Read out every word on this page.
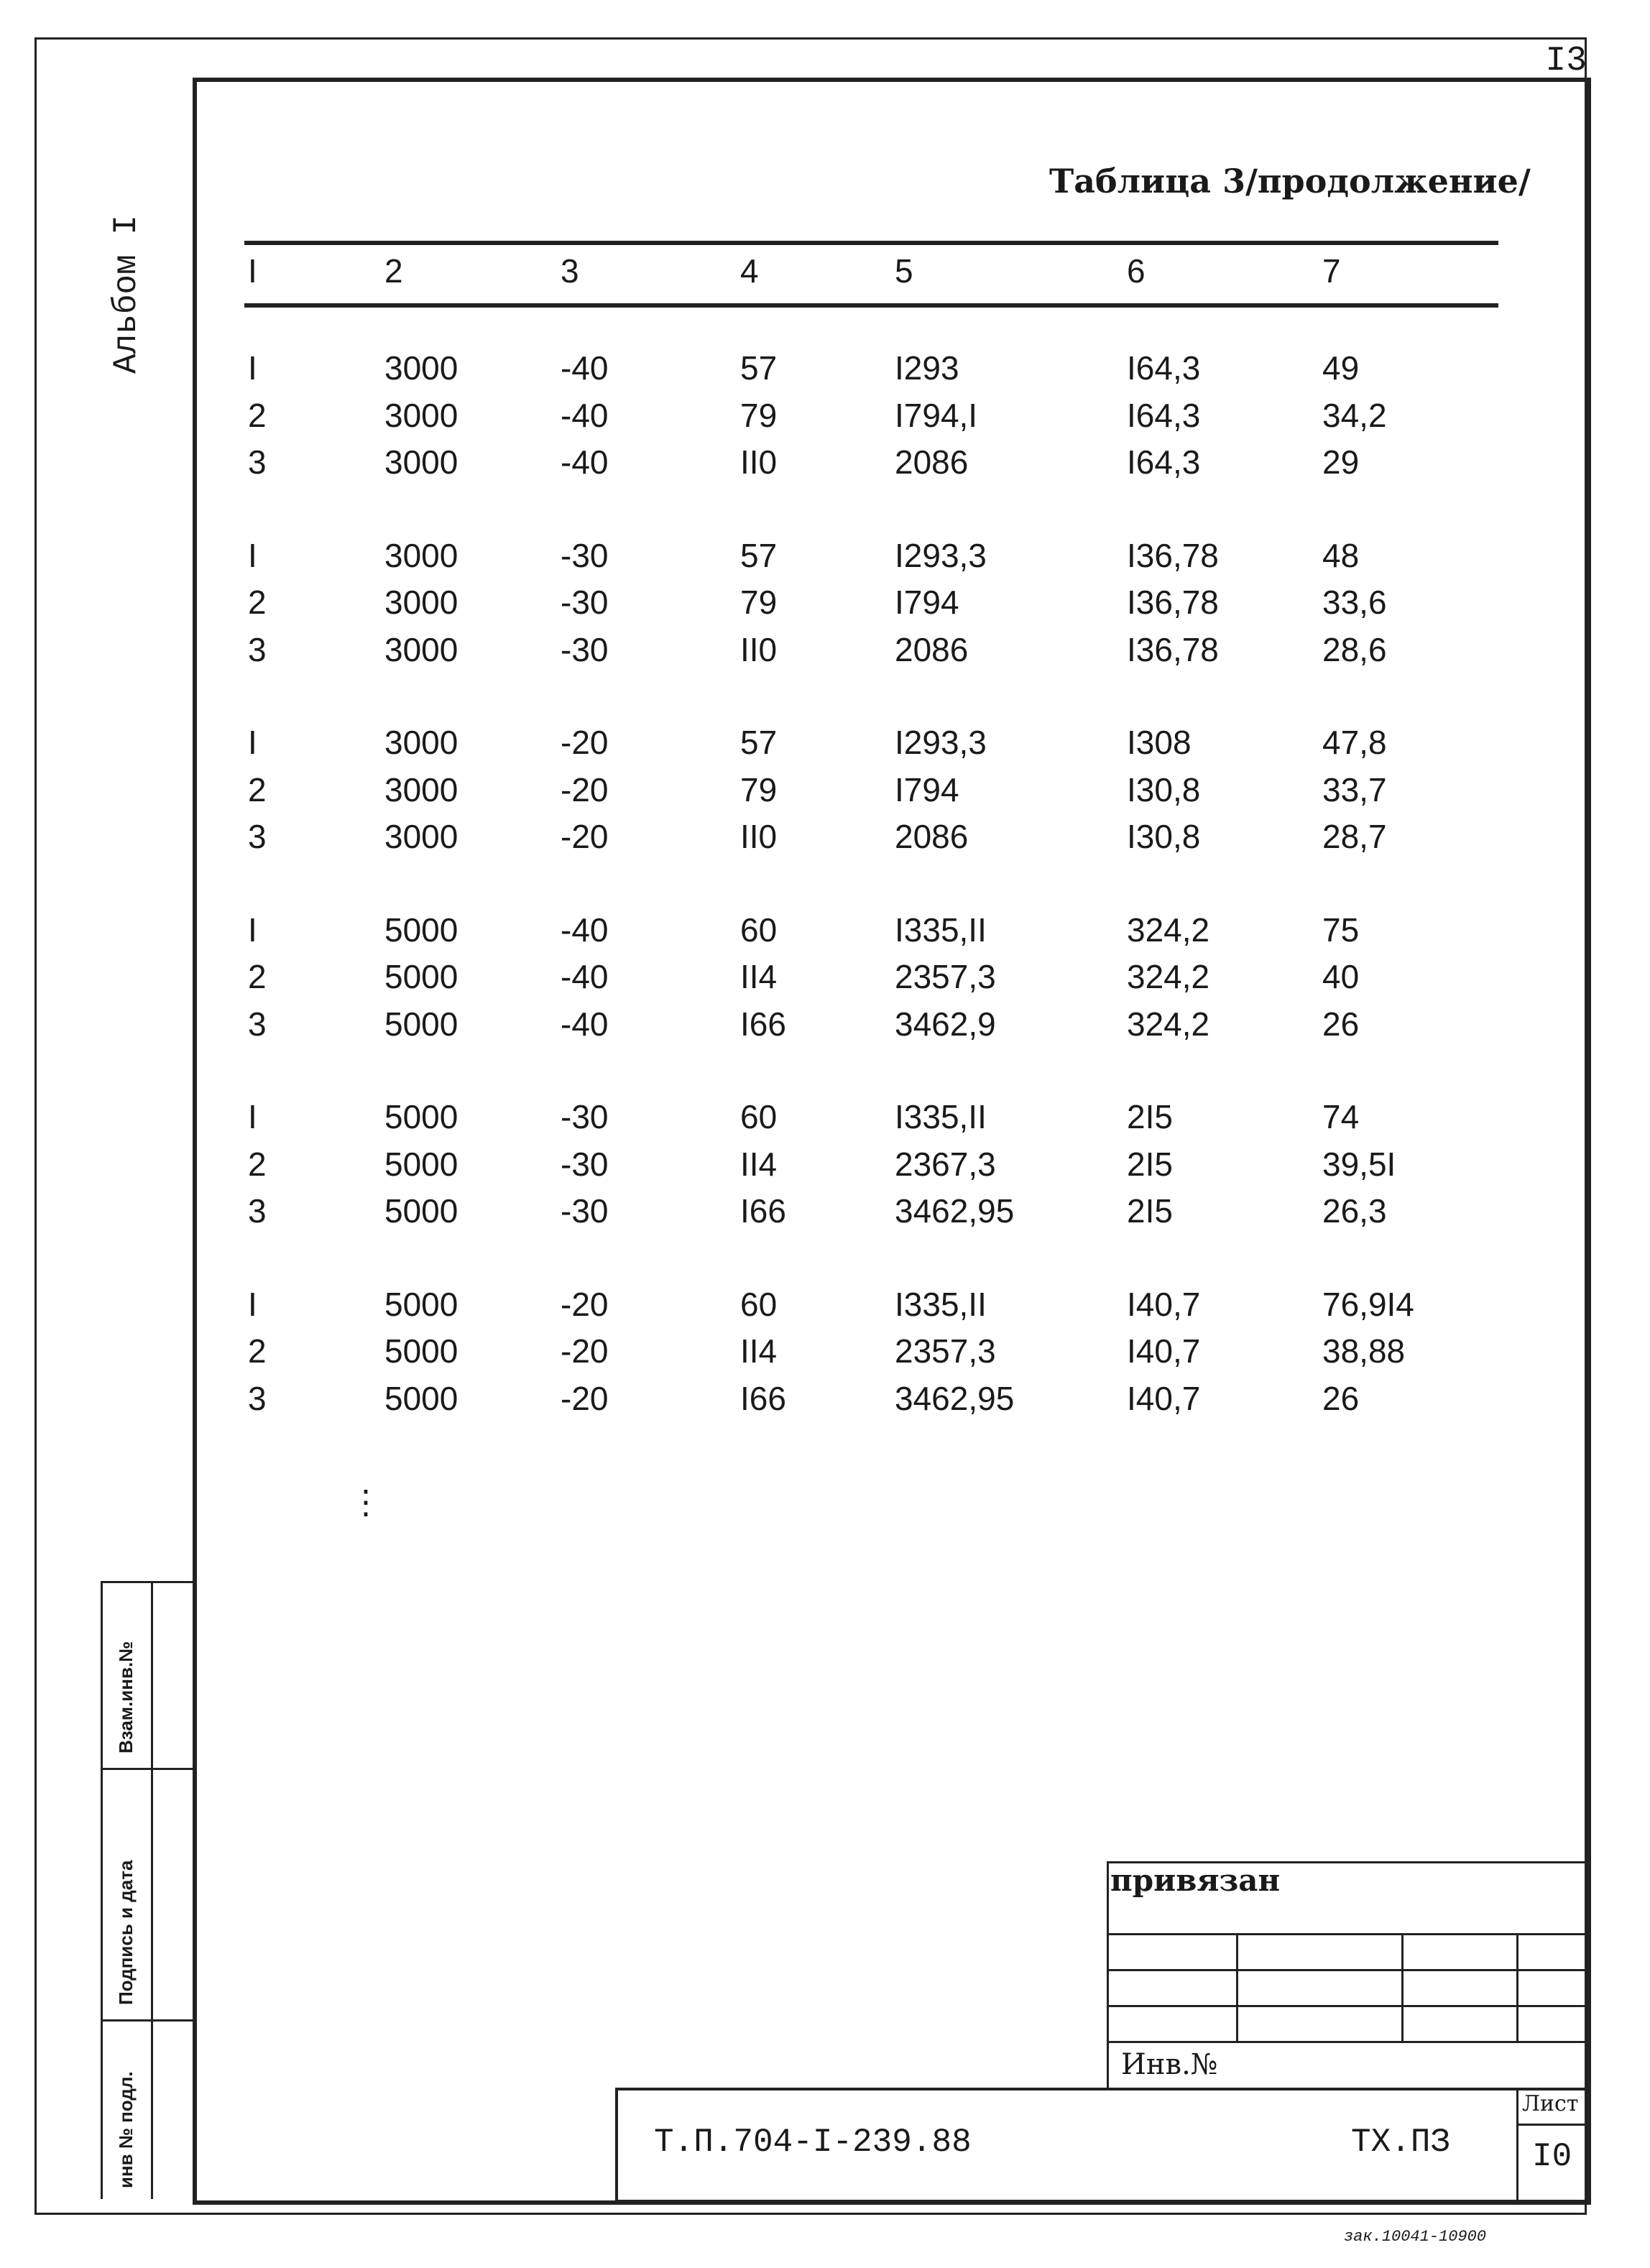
I3
Альбом I
Таблица 3/продолжение/
I	2	3	4	5	6	7
I	3000	-40	57	I293	I64,3	49
2	3000	-40	79	I794,I	I64,3	34,2
3	3000	-40	II0	2086	I64,3	29
I	3000	-30	57	I293,3	I36,78	48
2	3000	-30	79	I794	I36,78	33,6
3	3000	-30	II0	2086	I36,78	28,6
I	3000	-20	57	I293,3	I308	47,8
2	3000	-20	79	I794	I30,8	33,7
3	3000	-20	II0	2086	I30,8	28,7
I	5000	-40	60	I335,II	324,2	75
2	5000	-40	II4	2357,3	324,2	40
3	5000	-40	I66	3462,9	324,2	26
I	5000	-30	60	I335,II	2I5	74
2	5000	-30	II4	2367,3	2I5	39,5I
3	5000	-30	I66	3462,95	2I5	26,3
I	5000	-20	60	I335,II	I40,7	76,9I4
2	5000	-20	II4	2357,3	I40,7	38,88
3	5000	-20	I66	3462,95	I40,7	26
⋮
Взам.инв.№
Подпись и дата
инв № подл.
привязан
Инв.№
Т.П.704-I-239.88	ТХ.ПЗ
Лист
I0
зак.10041-10900
